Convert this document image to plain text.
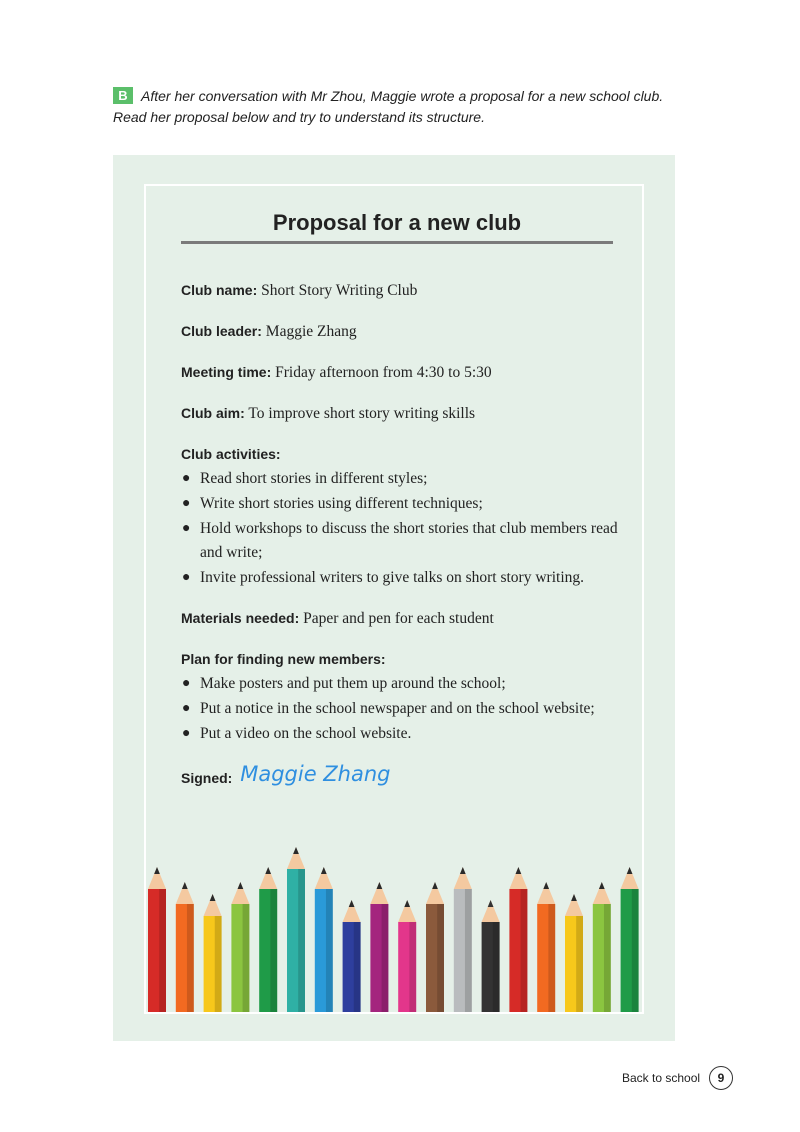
B After her conversation with Mr Zhou, Maggie wrote a proposal for a new school club.
Read her proposal below and try to understand its structure.
Proposal for a new club
Club name: Short Story Writing Club
Club leader: Maggie Zhang
Meeting time: Friday afternoon from 4:30 to 5:30
Club aim: To improve short story writing skills
Club activities:
● Read short stories in different styles;
● Write short stories using different techniques;
● Hold workshops to discuss the short stories that club members read and write;
● Invite professional writers to give talks on short story writing.
Materials needed: Paper and pen for each student
Plan for finding new members:
● Make posters and put them up around the school;
● Put a notice in the school newspaper and on the school website;
● Put a video on the school website.
Signed: Maggie Zhang
Back to school	9
